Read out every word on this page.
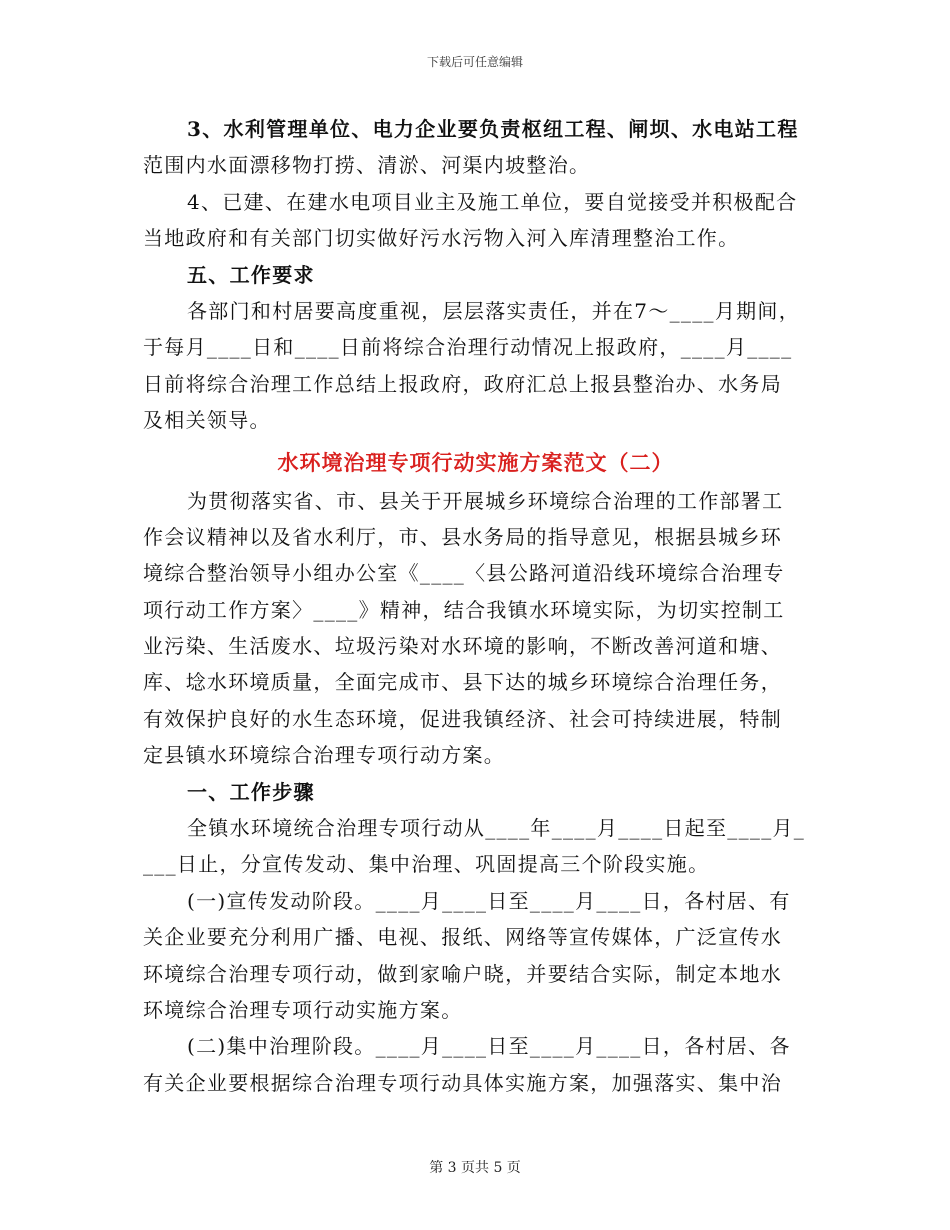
下载后可任意编辑
3、水利管理单位、电力企业要负责枢纽工程、闸坝、水电站工程
范围内水面漂移物打捞、清淤、河渠内坡整治。
4、已建、在建水电项目业主及施工单位，要自觉接受并积极配合
当地政府和有关部门切实做好污水污物入河入库清理整治工作。
五、工作要求
各部门和村居要高度重视，层层落实责任，并在7～____月期间，
于每月____日和____日前将综合治理行动情况上报政府，____月____
日前将综合治理工作总结上报政府，政府汇总上报县整治办、水务局
及相关领导。
水环境治理专项行动实施方案范文（二）
为贯彻落实省、市、县关于开展城乡环境综合治理的工作部署工
作会议精神以及省水利厅，市、县水务局的指导意见，根据县城乡环
境综合整治领导小组办公室《____〈县公路河道沿线环境综合治理专
项行动工作方案〉____》精神，结合我镇水环境实际，为切实控制工
业污染、生活废水、垃圾污染对水环境的影响，不断改善河道和塘、
库、埝水环境质量，全面完成市、县下达的城乡环境综合治理任务，
有效保护良好的水生态环境，促进我镇经济、社会可持续进展，特制
定县镇水环境综合治理专项行动方案。
一、工作步骤
全镇水环境统合治理专项行动从____年____月____日起至____月_
___日止，分宣传发动、集中治理、巩固提高三个阶段实施。
(一)宣传发动阶段。____月____日至____月____日，各村居、有
关企业要充分利用广播、电视、报纸、网络等宣传媒体，广泛宣传水
环境综合治理专项行动，做到家喻户晓，并要结合实际，制定本地水
环境综合治理专项行动实施方案。
(二)集中治理阶段。____月____日至____月____日，各村居、各
有关企业要根据综合治理专项行动具体实施方案，加强落实、集中治
第 3 页共 5 页
